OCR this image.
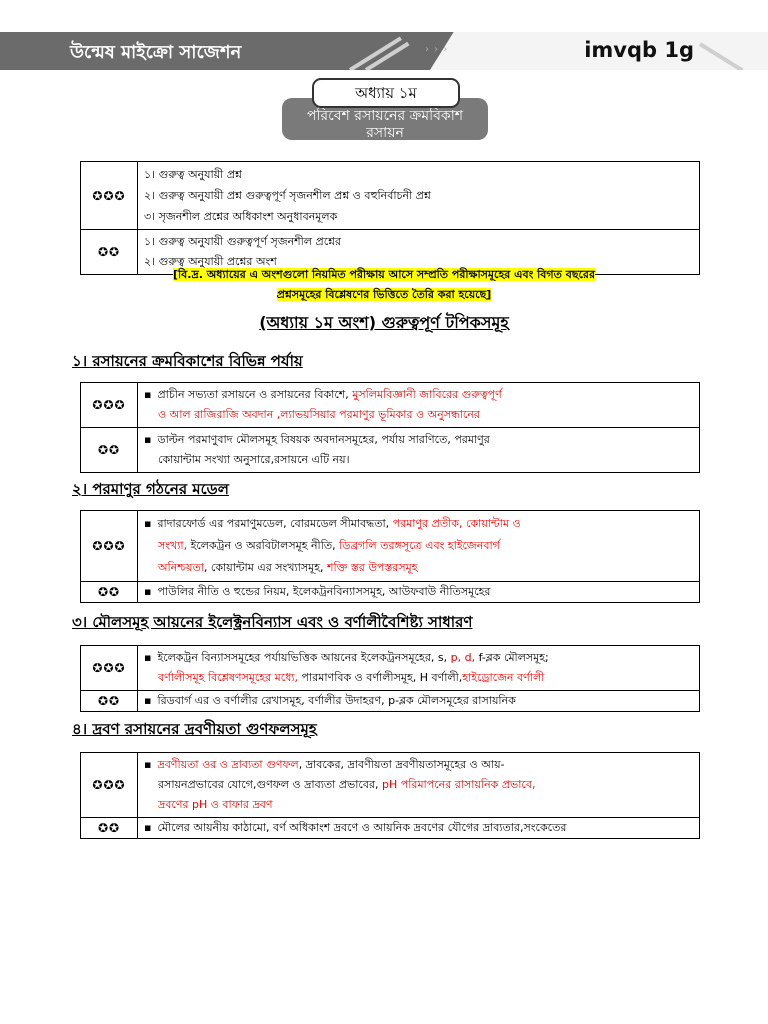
উন্মেষ মাইক্রো সাজেশন	› › ›	imvqb 1g
পরিবেশ রসায়নের ক্রমবিকাশ
রসায়ন
অধ্যায় ১ম
✪✪✪	১। গুরুত্ব অনুযায়ী প্রশ্ন
২। গুরুত্ব অনুযায়ী প্রশ্ন গুরুত্বপূর্ণ সৃজনশীল প্রশ্ন ও বহুনির্বাচনী প্রশ্ন
৩। সৃজনশীল প্রশ্নের অধিকাংশ অনুধাবনমূলক

✪✪	১। গুরুত্ব অনুযায়ী গুরুত্বপূর্ণ সৃজনশীল প্রশ্নের
২। গুরুত্ব অনুযায়ী প্রশ্নের অংশ
[বি.দ্র. অধ্যায়ের এ অংশগুলো নিয়মিত পরীক্ষায় আসে সম্প্রতি পরীক্ষাসমূহের এবং বিগত বছরের
প্রশ্নসমূহের বিশ্লেষণের ভিত্তিতে তৈরি করা হয়েছে]
(অধ্যায় ১ম অংশ) গুরুত্বপূর্ণ টপিকসমূহ
১। রসায়নের ক্রমবিকাশের বিভিন্ন পর্যায়
✪✪✪	▪ প্রাচীন সভ্যতা রসায়নে ও রসায়নের বিকাশে, মুসলিমবিজ্ঞানী জাবিরের গুরুত্বপূর্ণ
ও আল রাজিরাজি অবদান ,ল্যাভয়সিয়ার পরমাণুর ভূমিকার ও অনুসন্ধানের

✪✪	▪ ডাল্টন পরমাণুবাদ মৌলসমূহ বিষয়ক অবদানসমূহের, পর্যায় সারণিতে, পরমাণুর
কোয়ান্টাম সংখ্যা অনুসারে,রসায়নে এটি নয়।
২। পরমাণুর গঠনের মডেল
✪✪✪	▪ রাদারফোর্ড এর পরমাণুমডেল, বোরমডেল সীমাবদ্ধতা, পরমাণুর প্রতীক, কোয়ান্টাম ও
সংখ্যা, ইলেকট্রন ও অরবিটালসমূহ নীতি, ডিব্রগলি তরঙ্গসূত্রে এবং হাইজেনবার্গ
অনিশ্চয়তা, কোয়ান্টাম এর সংখ্যাসমূহ, শক্তি স্তর উপস্তরসমূহ

✪✪	▪ পাউলির নীতি ও হুন্ডের নিয়ম, ইলেকট্রনবিন্যাসসমূহ, আউফবাউ নীতিসমূহের
৩। মৌলসমূহ আয়নের ইলেক্ট্রনবিন্যাস এবং ও বর্ণালীবৈশিষ্ট্য সাধারণ
✪✪✪	▪ ইলেকট্রন বিন্যাসসমূহের পর্যায়ভিত্তিক আয়নের ইলেকট্রনসমূহের, s, p, d, f-ব্লক মৌলসমূহ;
বর্ণালীসমূহ বিশ্লেষণসমূহের মধ্যে, পারমাণবিক ও বর্ণালীসমূহ, H বর্ণালী,হাইড্রোজেন বর্ণালী

✪✪	▪ রিডবার্গ এর ও বর্ণালীর রেখাসমূহ, বর্ণালীর উদাহরণ, p-ব্লক মৌলসমূহের রাসায়নিক
৪। দ্রবণ রসায়নের দ্রবণীয়তা গুণফলসমূহ
✪✪✪	▪ দ্রবণীয়তা ওর ও দ্রাব্যতা গুণফল, দ্রাবকের, দ্রাবণীয়তা দ্রবণীয়তাসমূহের ও আয়-
রসায়নপ্রভাবের যোগে,গুণফল ও দ্রাব্যতা প্রভাবের, pH পরিমাপনের রাসায়নিক প্রভাবে,
দ্রবণের pH ও বাফার দ্রবণ

✪✪	▪ মৌলের আয়নীয় কাঠামো, বর্ণ অধিকাংশ দ্রবণে ও আয়নিক দ্রবণের যৌগের দ্রাব্যতার,সংকেতের
